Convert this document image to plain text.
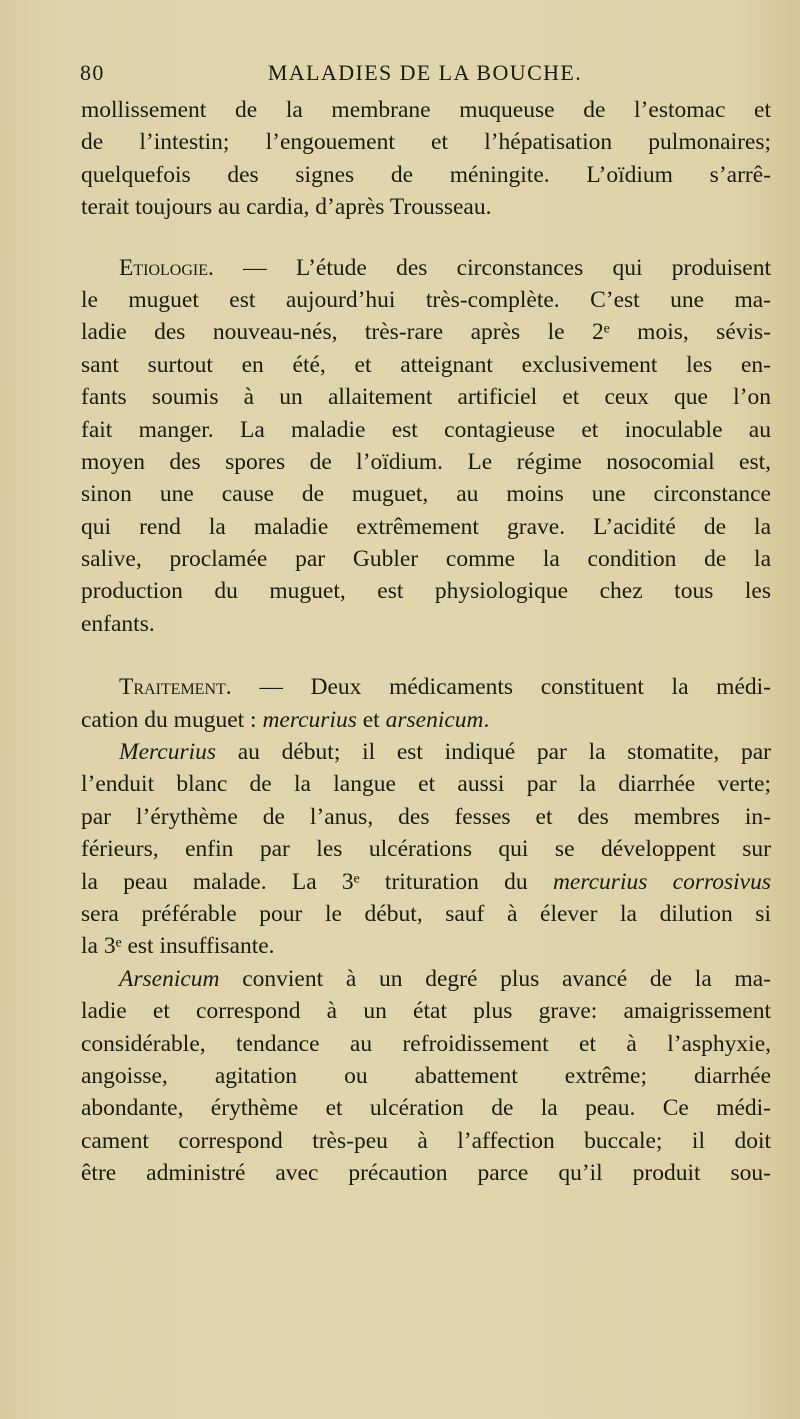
80	MALADIES DE LA BOUCHE.
mollissement de la membrane muqueuse de l’estomac et
de l’intestin; l’engouement et l’hépatisation pulmonaires;
quelquefois des signes de méningite. L’oïdium s’arrê-
terait toujours au cardia, d’après Trousseau.
Etiologie. — L’étude des circonstances qui produisent
le muguet est aujourd’hui très-complète. C’est une ma-
ladie des nouveau-nés, très-rare après le 2ᵉ mois, sévis-
sant surtout en été, et atteignant exclusivement les en-
fants soumis à un allaitement artificiel et ceux que l’on
fait manger. La maladie est contagieuse et inoculable au
moyen des spores de l’oïdium. Le régime nosocomial est,
sinon une cause de muguet, au moins une circonstance
qui rend la maladie extrêmement grave. L’acidité de la
salive, proclamée par Gubler comme la condition de la
production du muguet, est physiologique chez tous les
enfants.
Traitement. — Deux médicaments constituent la médi-
cation du muguet : mercurius et arsenicum.
Mercurius au début; il est indiqué par la stomatite, par
l’enduit blanc de la langue et aussi par la diarrhée verte;
par l’érythème de l’anus, des fesses et des membres in-
férieurs, enfin par les ulcérations qui se développent sur
la peau malade. La 3ᵉ trituration du mercurius corrosivus
sera préférable pour le début, sauf à élever la dilution si
la 3ᵉ est insuffisante.
Arsenicum convient à un degré plus avancé de la ma-
ladie et correspond à un état plus grave: amaigrissement
considérable, tendance au refroidissement et à l’asphyxie,
angoisse, agitation ou abattement extrême; diarrhée
abondante, érythème et ulcération de la peau. Ce médi-
cament correspond très-peu à l’affection buccale; il doit
être administré avec précaution parce qu’il produit sou-
